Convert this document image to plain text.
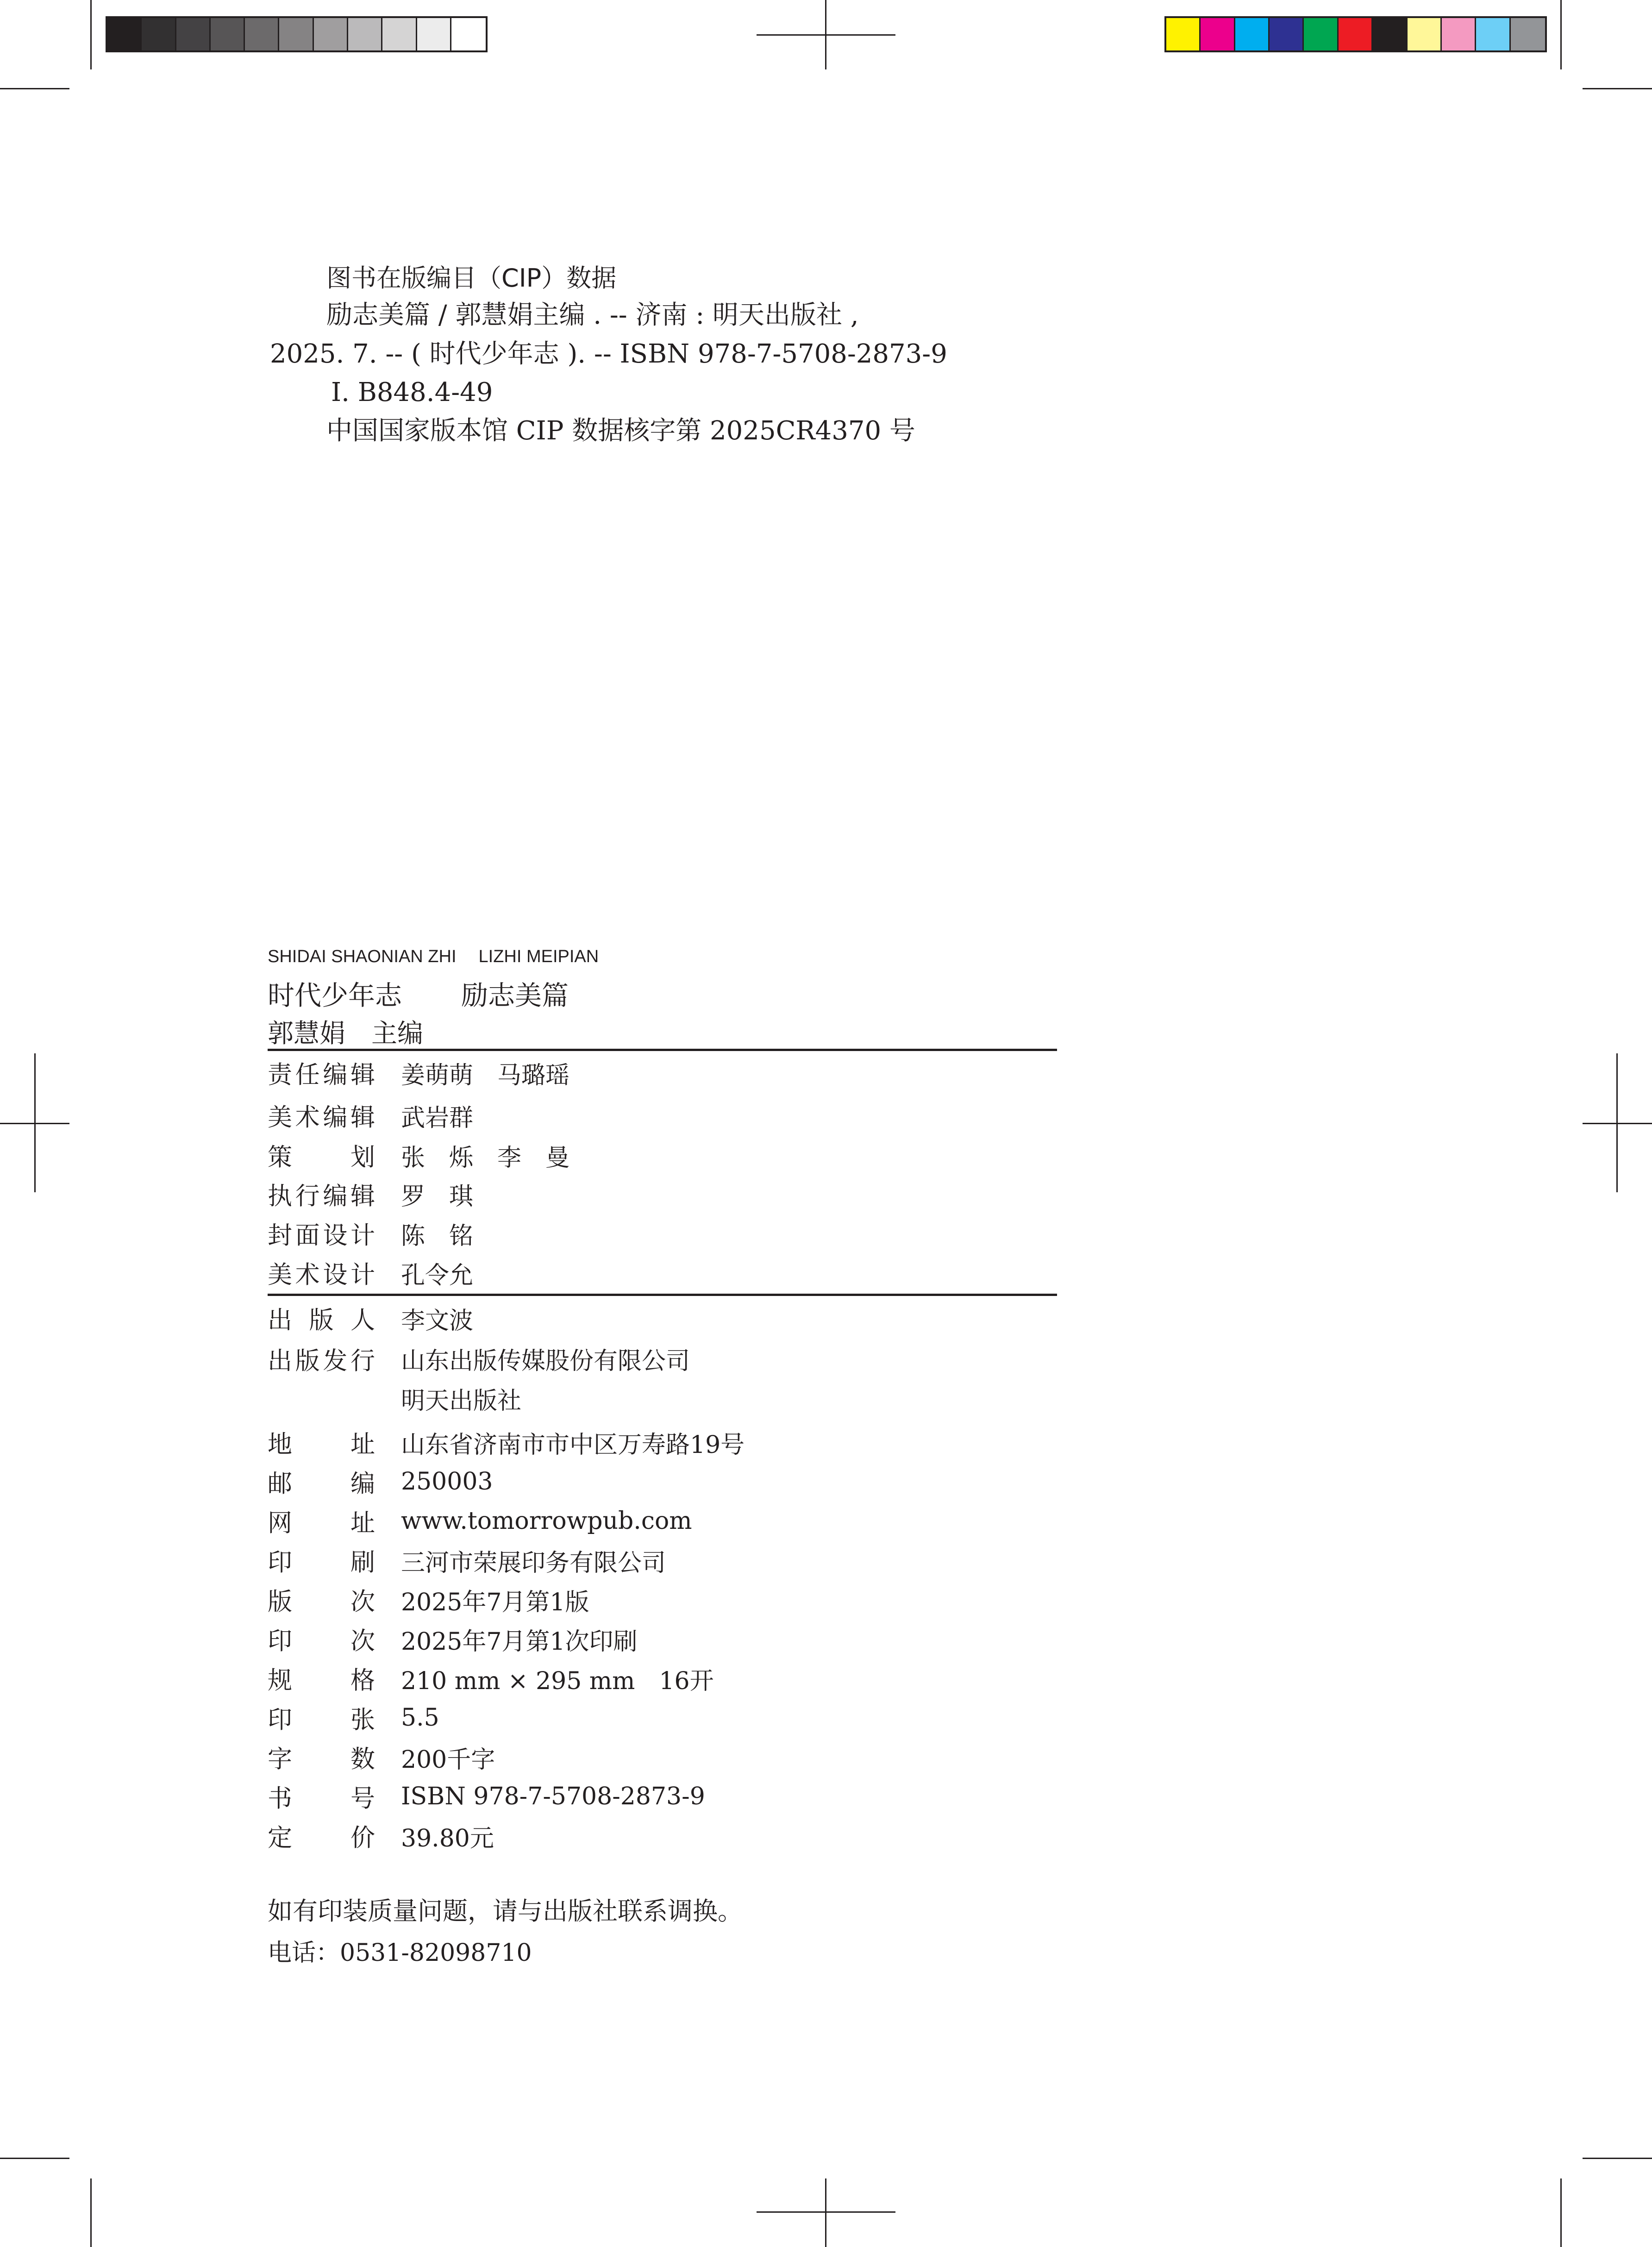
图书在版编目（CIP）数据
励志美篇 / 郭慧娟主编 . -- 济南 : 明天出版社 ,
2025. 7. -- ( 时代少年志 ). -- ISBN 978-7-5708-2873-9
Ⅰ. B848.4-49
中国国家版本馆 CIP 数据核字第 2025CR4370 号
SHIDAI SHAONIAN ZHI LIZHI MEIPIAN
时代少年志 励志美篇
郭慧娟　主编
责任编辑 姜萌萌　马璐瑶
美术编辑 武岩群
策划 张　烁　李　曼
执行编辑 罗　琪
封面设计 陈　铭
美术设计 孔令允
出版人 李文波
出版发行 山东出版传媒股份有限公司
明天出版社
地址 山东省济南市市中区万寿路19号
邮编 250003
网址 www.tomorrowpub.com
印刷 三河市荣展印务有限公司
版次 2025年7月第1版
印次 2025年7月第1次印刷
规格 210 mm × 295 mm　16开
印张 5.5
字数 200千字
书号 ISBN 978-7-5708-2873-9
定价 39.80元
如有印装质量问题，请与出版社联系调换。
电话：0531-82098710
